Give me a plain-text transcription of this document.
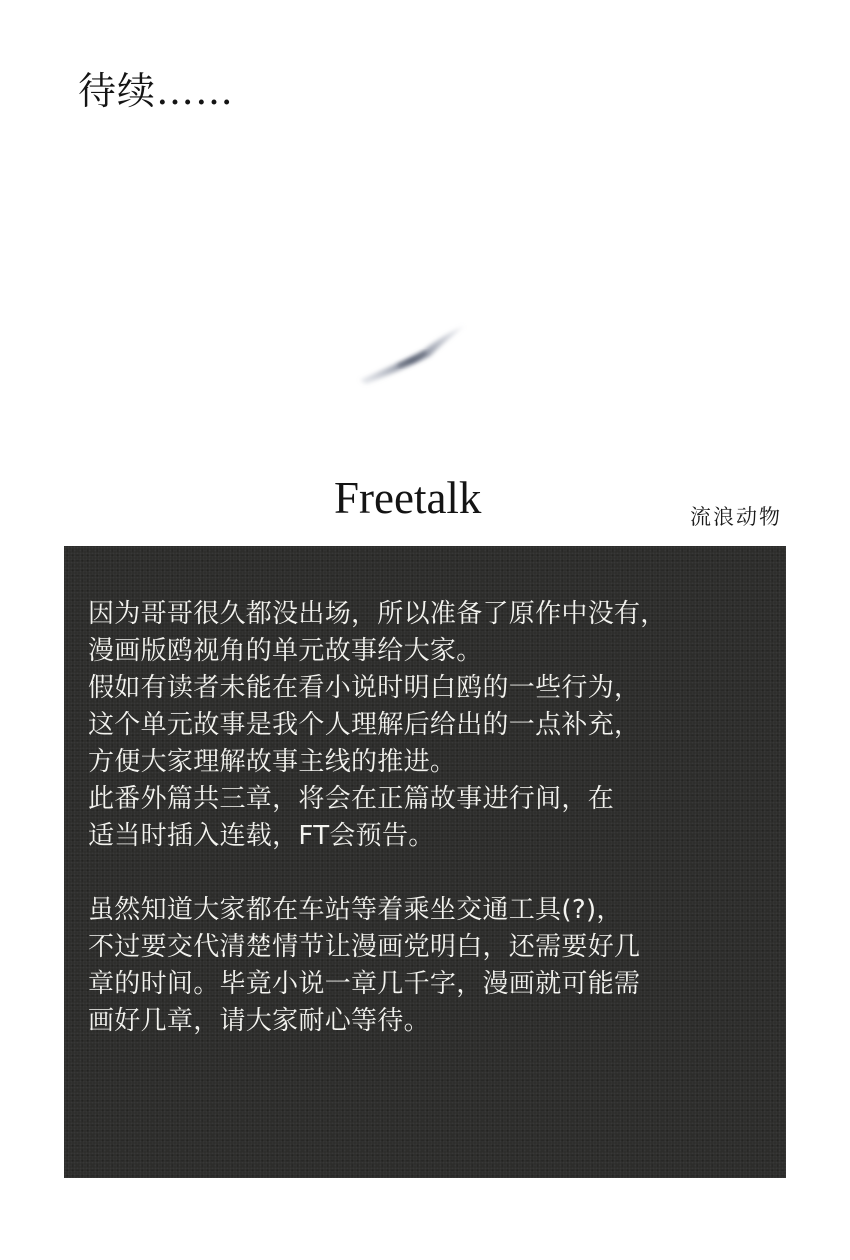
待续……
Freetalk	流浪动物
因为哥哥很久都没出场，所以准备了原作中没有，
漫画版鸥视角的单元故事给大家。
假如有读者未能在看小说时明白鸥的一些行为，
这个单元故事是我个人理解后给出的一点补充，
方便大家理解故事主线的推进。
此番外篇共三章，将会在正篇故事进行间，在
适当时插入连载，FT会预告。
虽然知道大家都在车站等着乘坐交通工具(?)，
不过要交代清楚情节让漫画党明白，还需要好几
章的时间。毕竟小说一章几千字，漫画就可能需
画好几章，请大家耐心等待。
